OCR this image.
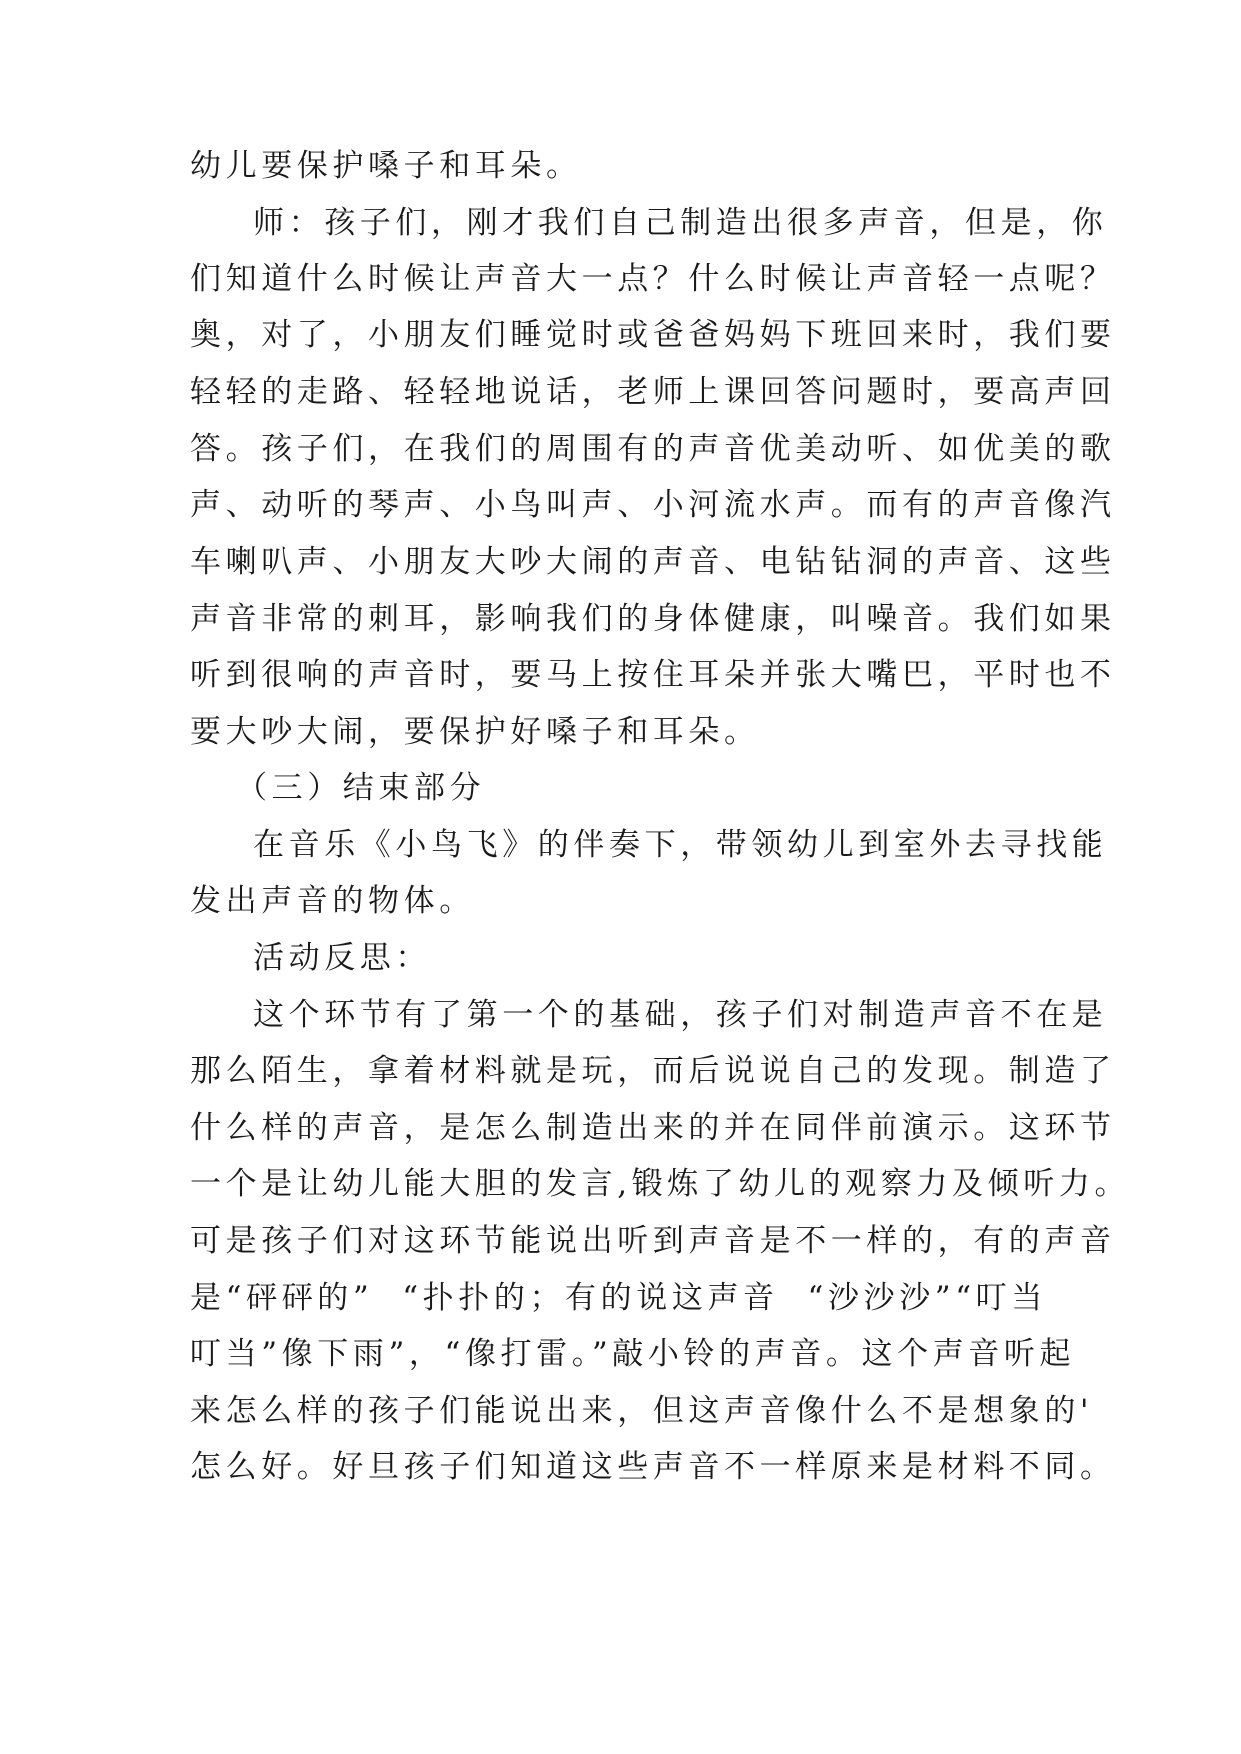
幼儿要保护嗓子和耳朵。
师：孩子们，刚才我们自己制造出很多声音，但是，你
们知道什么时候让声音大一点？什么时候让声音轻一点呢？
奥，对了，小朋友们睡觉时或爸爸妈妈下班回来时，我们要
轻轻的走路、轻轻地说话，老师上课回答问题时，要高声回
答。孩子们，在我们的周围有的声音优美动听、如优美的歌
声、动听的琴声、小鸟叫声、小河流水声。而有的声音像汽
车喇叭声、小朋友大吵大闹的声音、电钻钻洞的声音、这些
声音非常的刺耳，影响我们的身体健康，叫噪音。我们如果
听到很响的声音时，要马上按住耳朵并张大嘴巴，平时也不
要大吵大闹，要保护好嗓子和耳朵。
（三）结束部分
在音乐《小鸟飞》的伴奏下，带领幼儿到室外去寻找能
发出声音的物体。
活动反思：
这个环节有了第一个的基础，孩子们对制造声音不在是
那么陌生，拿着材料就是玩，而后说说自己的发现。制造了
什么样的声音，是怎么制造出来的并在同伴前演示。这环节
一个是让幼儿能大胆的发言,锻炼了幼儿的观察力及倾听力。
可是孩子们对这环节能说出听到声音是不一样的，有的声音
是“砰砰的”  “扑扑的；有的说这声音  “沙沙沙”“叮当
叮当”像下雨”，“像打雷。”敲小铃的声音。这个声音听起
来怎么样的孩子们能说出来，但这声音像什么不是想象的'
怎么好。好旦孩子们知道这些声音不一样原来是材料不同。
